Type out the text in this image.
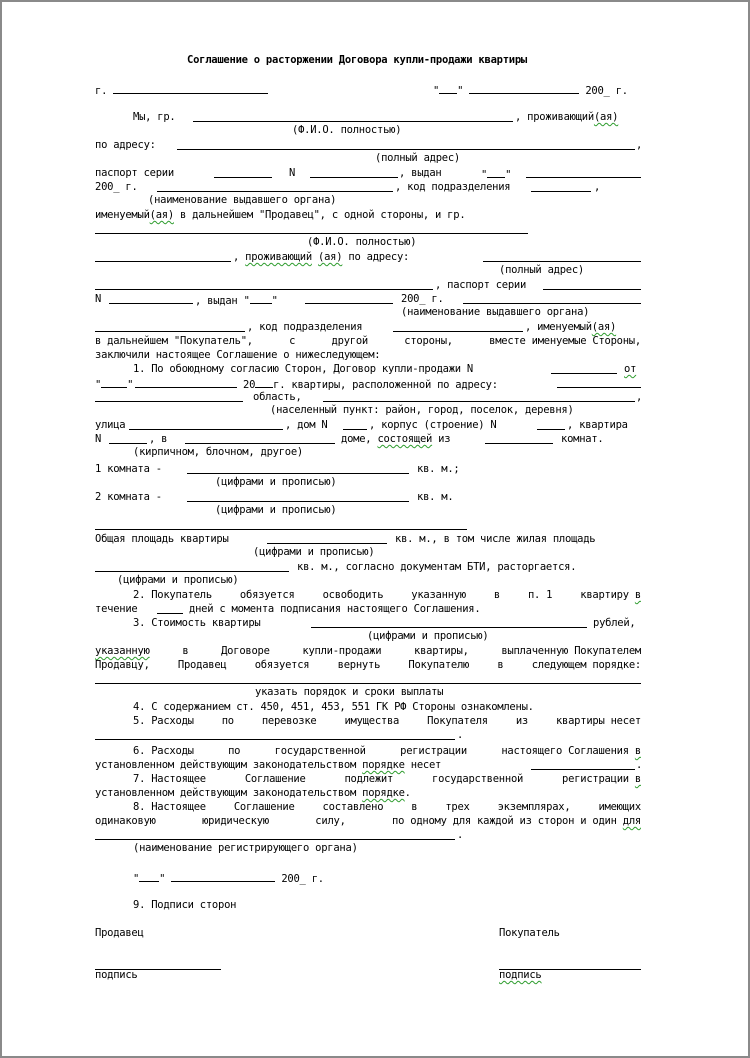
Соглашение о расторжении Договора купли-продажи квартиры
г.	" "	200_ г.
Мы, гр.	, проживающий(ая)
(Ф.И.О. полностью)
по адресу:	,
(полный адрес)
паспорт серии	N	, выдан	" "
200_ г.	, код подразделения	,
(наименование выдавшего органа)
именуемый(ая) в дальнейшем "Продавец", с одной стороны, и гр.
(Ф.И.О. полностью)
, проживающий (ая) по адресу:
(полный адрес)
, паспорт серии
N	, выдан " "	200_ г.
(наименование выдавшего органа)
, код подразделения	, именуемый(ая)
в дальнейшем "Покупатель",	с	другой	стороны,	вместе именуемые Стороны,
заключили настоящее Соглашение о нижеследующем:
1. По обоюдному согласию Сторон, Договор купли-продажи N	от
" "	20 г. квартиры, расположенной по адресу:
область,	,
(населенный пункт: район, город, поселок, деревня)
улица	, дом N	, корпус (строение) N	, квартира
N	, в	доме, состоящей из	комнат.
(кирпичном, блочном, другое)
1 комната -	кв. м.;
(цифрами и прописью)
2 комната -	кв. м.
(цифрами и прописью)
Общая площадь квартиры	кв. м., в том числе жилая площадь
(цифрами и прописью)
кв. м., согласно документам БТИ, расторгается.
(цифрами и прописью)
2. Покупатель	обязуется	освободить	указанную	в	п. 1	квартиру в
течение	дней с момента подписания настоящего Соглашения.
3. Стоимость квартиры	рублей,
(цифрами и прописью)
указанную	в	Договоре	купли-продажи	квартиры,	выплаченную Покупателем
Продавцу,	Продавец	обязуется	вернуть	Покупателю	в	следующем порядке:
указать порядок и сроки выплаты
4. С содержанием ст. 450, 451, 453, 551 ГК РФ Стороны ознакомлены.
5. Расходы	по	перевозке	имущества	Покупателя	из	квартиры несет
.
6. Расходы	по	государственной	регистрации	настоящего Соглашения в
установленном действующим законодательством порядке несет	.
7. Настоящее	Соглашение	подлежит	государственной	регистрации в
установленном действующим законодательством порядке.
8. Настоящее	Соглашение	составлено	в	трех	экземплярах,	имеющих
одинаковую	юридическую	силу,	по одному для каждой из сторон и один для
.
(наименование регистрирующего органа)
" "	200_ г.
9. Подписи сторон
Продавец	Покупатель
подпись	подпись
